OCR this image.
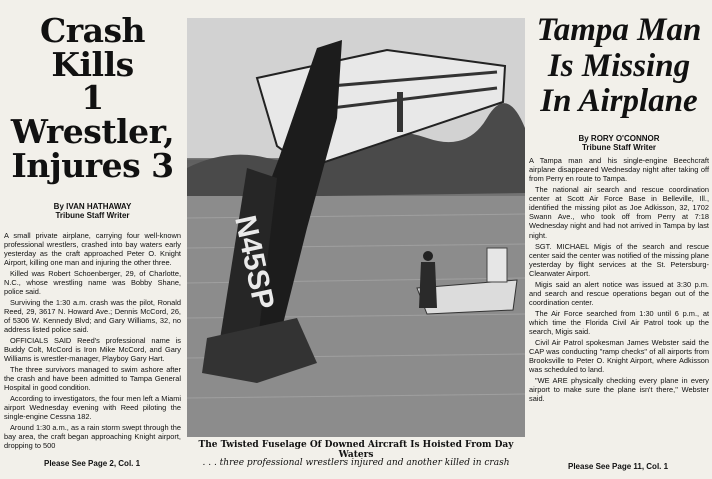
Crash Kills
1 Wrestler,
Injures 3
By IVAN HATHAWAY
Tribune Staff Writer

A small private airplane, carrying four well-known professional wrestlers, crashed into bay waters early yesterday as the craft approached Peter O. Knight Airport, killing one man and injuring the other three.

Killed was Robert Schoenberger, 29, of Charlotte, N.C., whose wrestling name was Bobby Shane, police said.

Surviving the 1:30 a.m. crash was the pilot, Ronald Reed, 29, 3617 N. Howard Ave.; Dennis McCord, 26, of 5306 W. Kennedy Blvd; and Gary Williams, 32, no address listed police said.

OFFICIALS SAID Reed's professional name is Buddy Colt, McCord is Iron Mike McCord, and Gary Williams is wrestler-manager, Playboy Gary Hart.

The three survivors managed to swim ashore after the crash and have been admitted to Tampa General Hospital in good condition.

According to investigators, the four men left a Miami airport Wednesday evening with Reed piloting the single-engine Cessna 182.

Around 1:30 a.m., as a rain storm swept through the bay area, the craft began approaching Knight airport, dropping to 500

Please See Page 2, Col. 1
N45SP
The Twisted Fuselage Of Downed Aircraft Is Hoisted From Day Waters
. . . three professional wrestlers injured and another killed in crash
Tampa Man
Is Missing
In Airplane
By RORY O'CONNOR
Tribune Staff Writer

A Tampa man and his single-engine Beechcraft airplane disappeared Wednesday night after taking off from Perry en route to Tampa.

The national air search and rescue coordination center at Scott Air Force Base in Belleville, Ill., identified the missing pilot as Joe Adkisson, 32, 1702 Swann Ave., who took off from Perry at 7:18 Wednesday night and had not arrived in Tampa by last night.

SGT. MICHAEL Migis of the search and rescue center said the center was notified of the missing plane yesterday by flight services at the St. Petersburg-Clearwater Airport.

Migis said an alert notice was issued at 3:30 p.m. and search and rescue operations began out of the coordination center.

The Air Force searched from 1:30 until 6 p.m., at which time the Florida Civil Air Patrol took up the search, Migis said.

Civil Air Patrol spokesman James Webster said the CAP was conducting "ramp checks" of all airports from Brooksville to Peter O. Knight Airport, where Adkisson was scheduled to land.

"WE ARE physically checking every plane in every airport to make sure the plane isn't there," Webster said.

Please See Page 11, Col. 1
